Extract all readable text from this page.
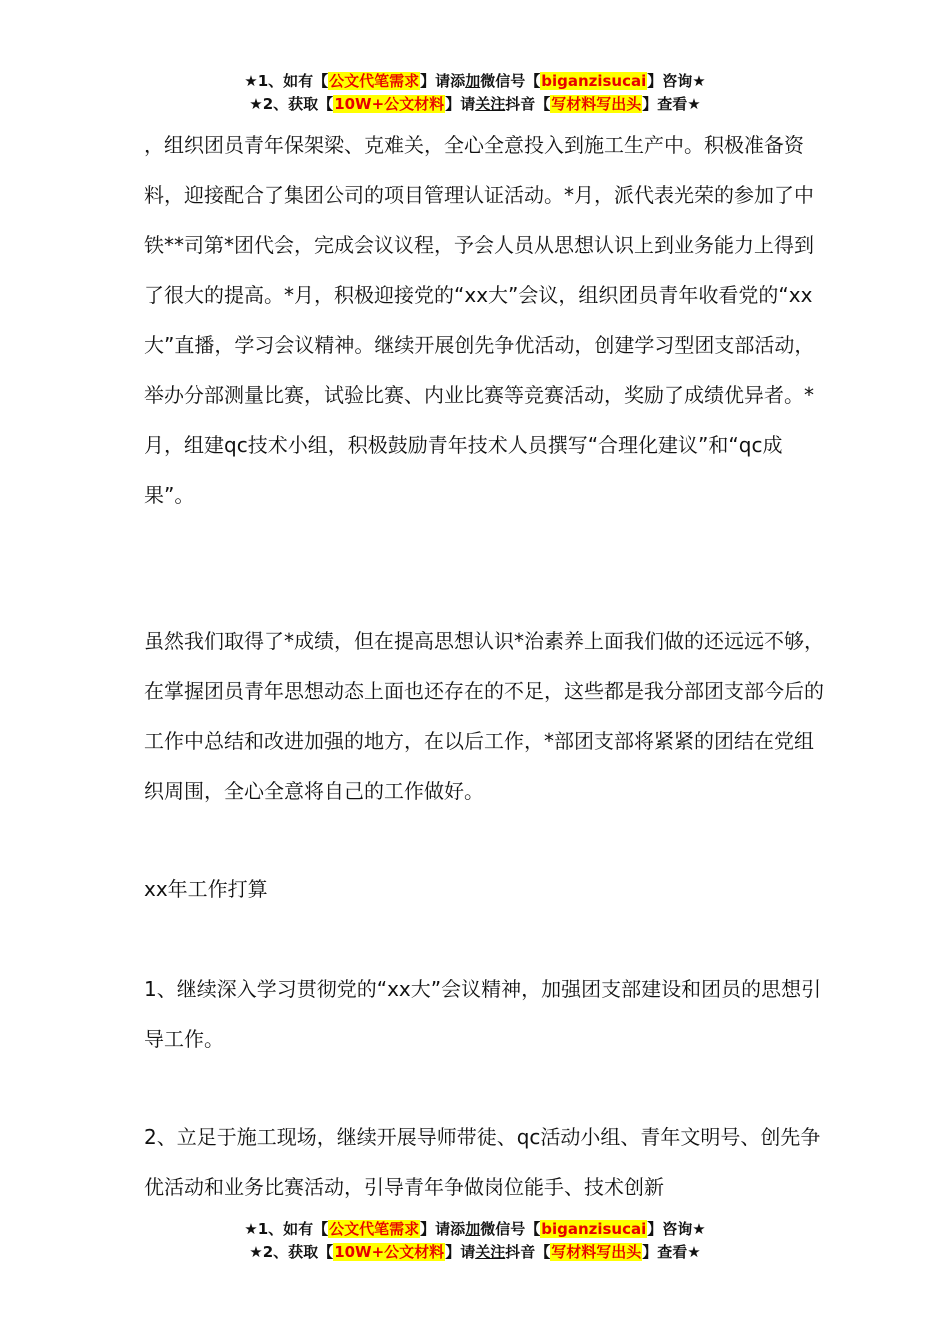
★1、如有【公文代笔需求】请添加微信号【biganzisucai】咨询★
★2、获取【10W+公文材料】请关注抖音【写材料写出头】查看★

，组织团员青年保架梁、克难关，全心全意投入到施工生产中。积极准备资料，迎接配合了集团公司的项目管理认证活动。*月，派代表光荣的参加了中铁**司第*团代会，完成会议议程，予会人员从思想认识上到业务能力上得到了很大的提高。*月，积极迎接党的“xx大”会议，组织团员青年收看党的“xx大”直播，学习会议精神。继续开展创先争优活动，创建学习型团支部活动，举办分部测量比赛，试验比赛、内业比赛等竞赛活动，奖励了成绩优异者。*月，组建qc技术小组，积极鼓励青年技术人员撰写“合理化建议”和“qc成果”。

虽然我们取得了*成绩，但在提高思想认识*治素养上面我们做的还远远不够，在掌握团员青年思想动态上面也还存在的不足，这些都是我分部团支部今后的工作中总结和改进加强的地方，在以后工作，*部团支部将紧紧的团结在党组织周围，全心全意将自己的工作做好。

xx年工作打算

1、继续深入学习贯彻党的“xx大”会议精神，加强团支部建设和团员的思想引导工作。

2、立足于施工现场，继续开展导师带徒、qc活动小组、青年文明号、创先争优活动和业务比赛活动，引导青年争做岗位能手、技术创新

★1、如有【公文代笔需求】请添加微信号【biganzisucai】咨询★
★2、获取【10W+公文材料】请关注抖音【写材料写出头】查看★
